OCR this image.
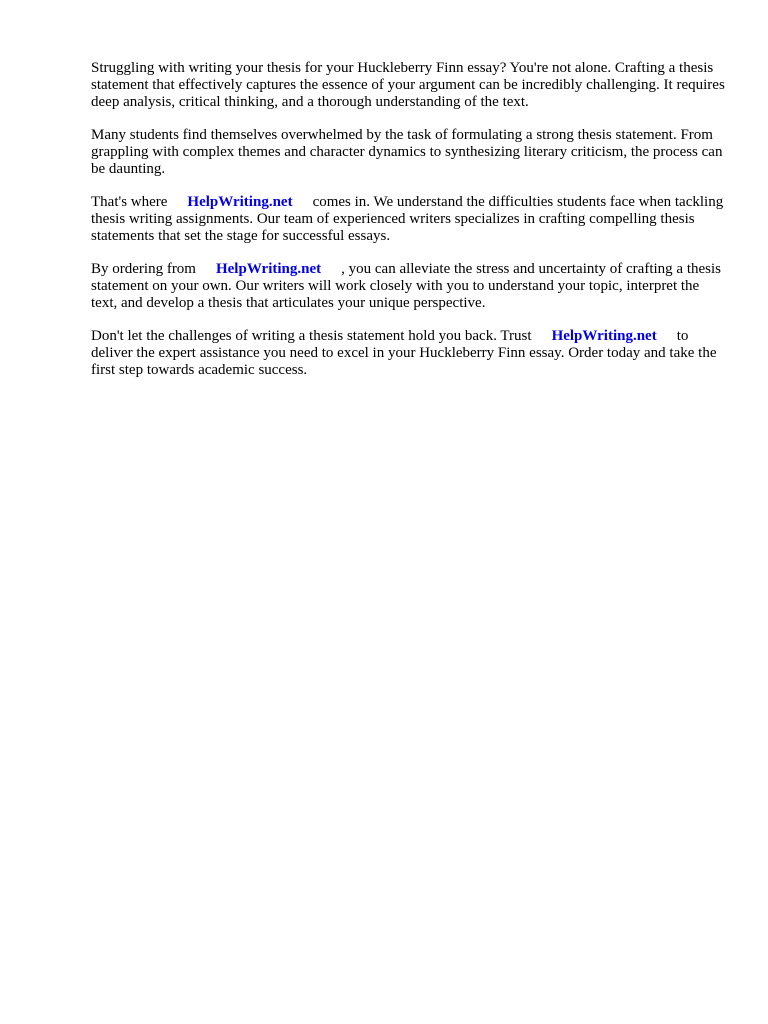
Struggling with writing your thesis for your Huckleberry Finn essay? You're not alone. Crafting a thesis statement that effectively captures the essence of your argument can be incredibly challenging. It requires deep analysis, critical thinking, and a thorough understanding of the text.

Many students find themselves overwhelmed by the task of formulating a strong thesis statement. From grappling with complex themes and character dynamics to synthesizing literary criticism, the process can be daunting.

That's where HelpWriting.net comes in. We understand the difficulties students face when tackling thesis writing assignments. Our team of experienced writers specializes in crafting compelling thesis statements that set the stage for successful essays.

By ordering from HelpWriting.net , you can alleviate the stress and uncertainty of crafting a thesis statement on your own. Our writers will work closely with you to understand your topic, interpret the text, and develop a thesis that articulates your unique perspective.

Don't let the challenges of writing a thesis statement hold you back. Trust HelpWriting.net to deliver the expert assistance you need to excel in your Huckleberry Finn essay. Order today and take the first step towards academic success.
